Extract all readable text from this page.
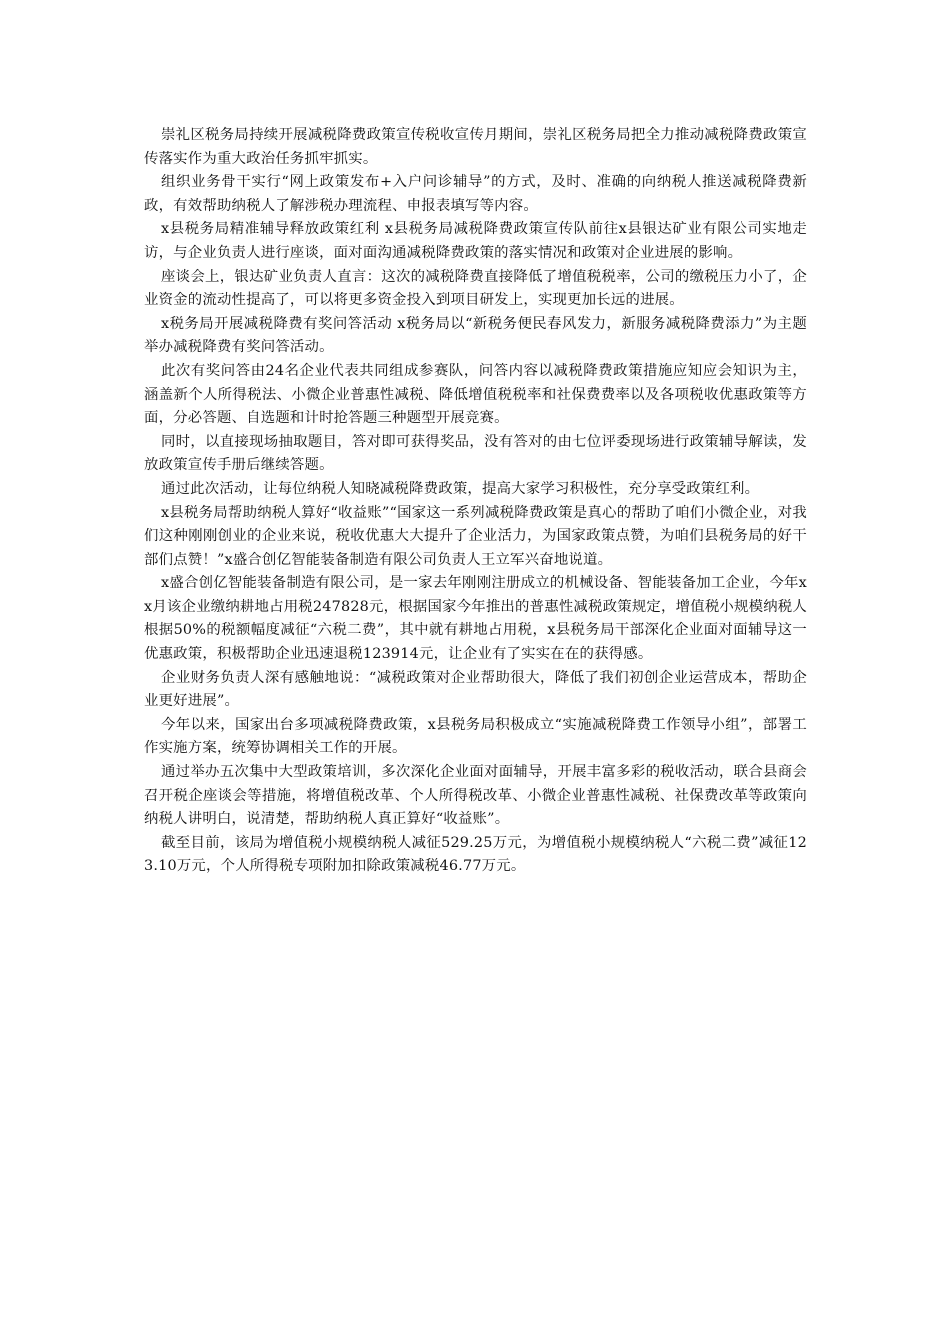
崇礼区税务局持续开展减税降费政策宣传税收宣传月期间，崇礼区税务局把全力推动减税降费政策宣传落实作为重大政治任务抓牢抓实。

组织业务骨干实行“网上政策发布+入户问诊辅导”的方式，及时、准确的向纳税人推送减税降费新政，有效帮助纳税人了解涉税办理流程、申报表填写等内容。

x县税务局精准辅导释放政策红利 x县税务局减税降费政策宣传队前往x县银达矿业有限公司实地走访，与企业负责人进行座谈，面对面沟通减税降费政策的落实情况和政策对企业进展的影响。

座谈会上，银达矿业负责人直言：这次的减税降费直接降低了增值税税率，公司的缴税压力小了，企业资金的流动性提高了，可以将更多资金投入到项目研发上，实现更加长远的进展。

x税务局开展减税降费有奖问答活动 x税务局以“新税务便民春风发力，新服务减税降费添力”为主题举办减税降费有奖问答活动。

此次有奖问答由24名企业代表共同组成参赛队，问答内容以减税降费政策措施应知应会知识为主，涵盖新个人所得税法、小微企业普惠性减税、降低增值税税率和社保费费率以及各项税收优惠政策等方面，分必答题、自选题和计时抢答题三种题型开展竞赛。

同时，以直接现场抽取题目，答对即可获得奖品，没有答对的由七位评委现场进行政策辅导解读，发放政策宣传手册后继续答题。

通过此次活动，让每位纳税人知晓减税降费政策，提高大家学习积极性，充分享受政策红利。

x县税务局帮助纳税人算好“收益账”“国家这一系列减税降费政策是真心的帮助了咱们小微企业，对我们这种刚刚创业的企业来说，税收优惠大大提升了企业活力，为国家政策点赞，为咱们县税务局的好干部们点赞！”x盛合创亿智能装备制造有限公司负责人王立军兴奋地说道。

x盛合创亿智能装备制造有限公司，是一家去年刚刚注册成立的机械设备、智能装备加工企业，今年xx月该企业缴纳耕地占用税247828元，根据国家今年推出的普惠性减税政策规定，增值税小规模纳税人根据50%的税额幅度减征“六税二费”，其中就有耕地占用税，x县税务局干部深化企业面对面辅导这一优惠政策，积极帮助企业迅速退税123914元，让企业有了实实在在的获得感。

企业财务负责人深有感触地说：“减税政策对企业帮助很大，降低了我们初创企业运营成本，帮助企业更好进展”。

今年以来，国家出台多项减税降费政策，x县税务局积极成立“实施减税降费工作领导小组”，部署工作实施方案，统筹协调相关工作的开展。

通过举办五次集中大型政策培训，多次深化企业面对面辅导，开展丰富多彩的税收活动，联合县商会召开税企座谈会等措施，将增值税改革、个人所得税改革、小微企业普惠性减税、社保费改革等政策向纳税人讲明白，说清楚，帮助纳税人真正算好“收益账”。

截至目前，该局为增值税小规模纳税人减征529.25万元，为增值税小规模纳税人“六税二费”减征123.10万元，个人所得税专项附加扣除政策减税46.77万元。
